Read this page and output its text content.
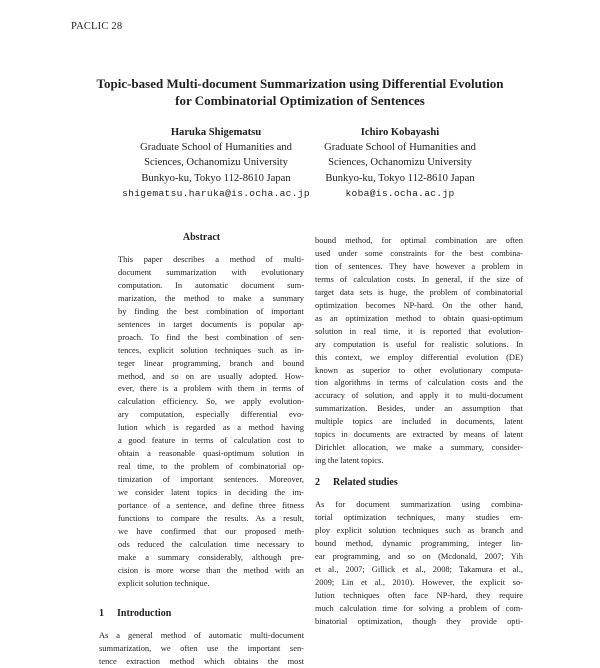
PACLIC 28
Topic-based Multi-document Summarization using Differential Evolution
for Combinatorial Optimization of Sentences
Haruka Shigematsu
Graduate School of Humanities and
Sciences, Ochanomizu University
Bunkyo-ku, Tokyo 112-8610 Japan
shigematsu.haruka@is.ocha.ac.jp
Ichiro Kobayashi
Graduate School of Humanities and
Sciences, Ochanomizu University
Bunkyo-ku, Tokyo 112-8610 Japan
koba@is.ocha.ac.jp
Abstract
This paper describes a method of multi-
document summarization with evolutionary
computation. In automatic document sum-
marization, the method to make a summary
by finding the best combination of important
sentences in target documents is popular ap-
proach. To find the best combination of sen-
tences, explicit solution techniques such as in-
teger linear programming, branch and bound
method, and so on are usually adopted. How-
ever, there is a problem with them in terms of
calculation efficiency. So, we apply evolution-
ary computation, especially differential evo-
lution which is regarded as a method having
a good feature in terms of calculation cost to
obtain a reasonable quasi-optimum solution in
real time, to the problem of combinatorial op-
timization of important sentences. Moreover,
we consider latent topics in deciding the im-
portance of a sentence, and define three fitness
functions to compare the results. As a result,
we have confirmed that our proposed meth-
ods reduced the calculation time necessary to
make a summary considerably, although pre-
cision is more worse than the method with an
explicit solution technique.
1 Introduction
As a general method of automatic multi-document
summarization, we often use the important sen-
tence extraction method which obtains the most
bound method, for optimal combination are often
used under some constraints for the best combina-
tion of sentences. They have however a problem in
terms of calculation costs. In general, if the size of
target data sets is huge, the problem of combinatorial
optimization becomes NP-hard. On the other hand,
as an optimization method to obtain quasi-optimum
solution in real time, it is reported that evolution-
ary computation is useful for realistic solutions. In
this context, we employ differential evolution (DE)
known as superior to other evolutionary computa-
tion algorithms in terms of calculation costs and the
accuracy of solution, and apply it to multi-document
summarization. Besides, under an assumption that
multiple topics are included in documents, latent
topics in documents are extracted by means of latent
Dirichlet allocation, we make a summary, consider-
ing the latent topics.
2 Related studies
As for document summarization using combina-
torial optimization techniques, many studies em-
ploy explicit solution techniques such as branch and
bound method, dynamic programming, integer lin-
ear programming, and so on (Mcdonald, 2007; Yih
et al., 2007; Gillick et al., 2008; Takamura et al.,
2009; Lin et al., 2010). However, the explicit so-
lution techniques often face NP-hard, they require
much calculation time for solving a problem of com-
binatorial optimization, though they provide opti-
